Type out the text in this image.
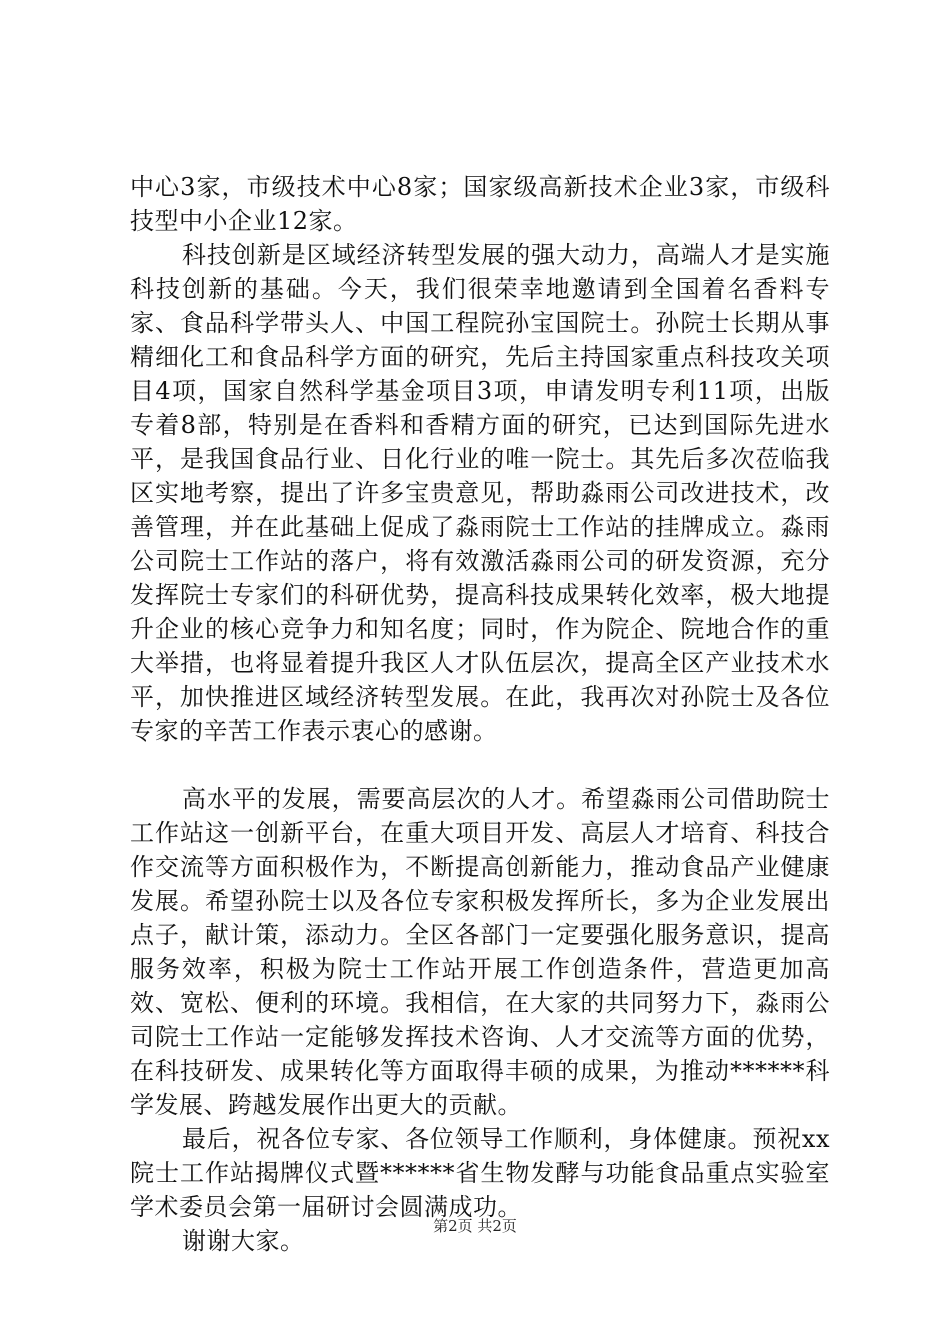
中心3家，市级技术中心8家；国家级高新技术企业3家，市级科技型中小企业12家。

科技创新是区域经济转型发展的强大动力，高端人才是实施科技创新的基础。今天，我们很荣幸地邀请到全国着名香料专家、食品科学带头人、中国工程院孙宝国院士。孙院士长期从事精细化工和食品科学方面的研究，先后主持国家重点科技攻关项目4项，国家自然科学基金项目3项，申请发明专利11项，出版专着8部，特别是在香料和香精方面的研究，已达到国际先进水平，是我国食品行业、日化行业的唯一院士。其先后多次莅临我区实地考察，提出了许多宝贵意见，帮助淼雨公司改进技术，改善管理，并在此基础上促成了淼雨院士工作站的挂牌成立。淼雨公司院士工作站的落户，将有效激活淼雨公司的研发资源，充分发挥院士专家们的科研优势，提高科技成果转化效率，极大地提升企业的核心竞争力和知名度；同时，作为院企、院地合作的重大举措，也将显着提升我区人才队伍层次，提高全区产业技术水平，加快推进区域经济转型发展。在此，我再次对孙院士及各位专家的辛苦工作表示衷心的感谢。

高水平的发展，需要高层次的人才。希望淼雨公司借助院士工作站这一创新平台，在重大项目开发、高层人才培育、科技合作交流等方面积极作为，不断提高创新能力，推动食品产业健康发展。希望孙院士以及各位专家积极发挥所长，多为企业发展出点子，献计策，添动力。全区各部门一定要强化服务意识，提高服务效率，积极为院士工作站开展工作创造条件，营造更加高效、宽松、便利的环境。我相信，在大家的共同努力下，淼雨公司院士工作站一定能够发挥技术咨询、人才交流等方面的优势，在科技研发、成果转化等方面取得丰硕的成果，为推动******科学发展、跨越发展作出更大的贡献。

最后，祝各位专家、各位领导工作顺利，身体健康。预祝xx院士工作站揭牌仪式暨******省生物发酵与功能食品重点实验室学术委员会第一届研讨会圆满成功。

谢谢大家。

第2页 共2页
